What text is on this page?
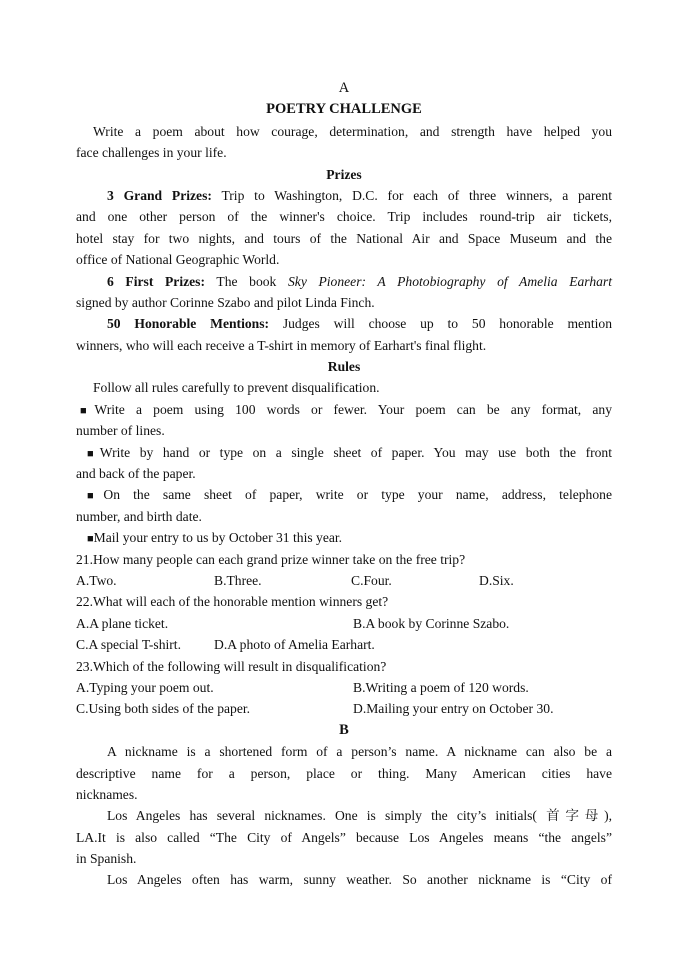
A
POETRY CHALLENGE
Write a poem about how courage, determination, and strength have helped you
face challenges in your life.
Prizes
3 Grand Prizes: Trip to Washington, D.C. for each of three winners, a parent
and one other person of the winner's choice. Trip includes round-trip air tickets,
hotel stay for two nights, and tours of the National Air and Space Museum and the
office of National Geographic World.
6 First Prizes: The book Sky Pioneer: A Photobiography of Amelia Earhart
signed by author Corinne Szabo and pilot Linda Finch.
50 Honorable Mentions: Judges will choose up to 50 honorable mention
winners, who will each receive a T-shirt in memory of Earhart's final flight.
Rules
Follow all rules carefully to prevent disqualification.
■Write a poem using 100 words or fewer. Your poem can be any format, any
number of lines.
■Write by hand or type on a single sheet of paper. You may use both the front
and back of the paper.
■On the same sheet of paper, write or type your name, address, telephone
number, and birth date.
■Mail your entry to us by October 31 this year.
21.How many people can each grand prize winner take on the free trip?
A.Two.	B.Three.	C.Four.	D.Six.
22.What will each of the honorable mention winners get?
A.A plane ticket.	B.A book by Corinne Szabo.
C.A special T-shirt.	D.A photo of Amelia Earhart.
23.Which of the following will result in disqualification?
A.Typing your poem out.	B.Writing a poem of 120 words.
C.Using both sides of the paper.	D.Mailing your entry on October 30.
B
A nickname is a shortened form of a person’s name. A nickname can also be a
descriptive name for a person, place or thing. Many American cities have
nicknames.
Los Angeles has several nicknames. One is simply the city’s initials( 首字母),
LA.It is also called “The City of Angels” because Los Angeles means “the angels”
in Spanish.
Los Angeles often has warm, sunny weather. So another nickname is “City of
